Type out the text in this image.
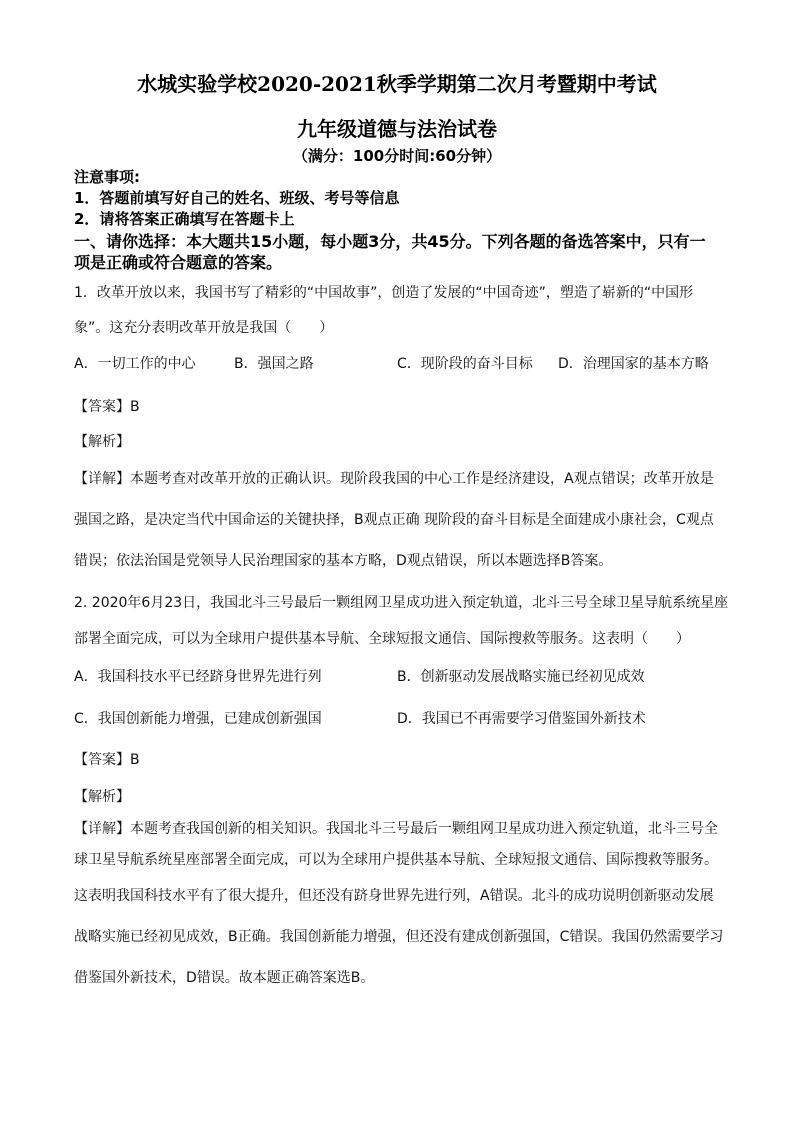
水城实验学校2020-2021秋季学期第二次月考暨期中考试
九年级道德与法治试卷
（满分：100分时间:60分钟）
注意事项:
1．答题前填写好自己的姓名、班级、考号等信息
2．请将答案正确填写在答题卡上
一、请你选择：本大题共15小题，每小题3分，共45分。下列各题的备选答案中，只有一
项是正确或符合题意的答案。
1．改革开放以来，我国书写了精彩的“中国故事”，创造了发展的“中国奇迹”，塑造了崭新的“中国形
象”。这充分表明改革开放是我国（　　）
A．一切工作的中心	B．强国之路	C．现阶段的奋斗目标 D．治理国家的基本方略
【答案】B
【解析】
【详解】本题考查对改革开放的正确认识。现阶段我国的中心工作是经济建设，A观点错误；改革开放是
强国之路，是决定当代中国命运的关键抉择，B观点正确 现阶段的奋斗目标是全面建成小康社会，C观点
错误；依法治国是党领导人民治理国家的基本方略，D观点错误，所以本题选择B答案。
2. 2020年6月23日，我国北斗三号最后一颗组网卫星成功进入预定轨道，北斗三号全球卫星导航系统星座
部署全面完成，可以为全球用户提供基本导航、全球短报文通信、国际搜救等服务。这表明（　　）
A．我国科技水平已经跻身世界先进行列	B．创新驱动发展战略实施已经初见成效
C．我国创新能力增强，已建成创新强国	D．我国已不再需要学习借鉴国外新技术
【答案】B
【解析】
【详解】本题考查我国创新的相关知识。我国北斗三号最后一颗组网卫星成功进入预定轨道，北斗三号全
球卫星导航系统星座部署全面完成，可以为全球用户提供基本导航、全球短报文通信、国际搜救等服务。
这表明我国科技水平有了很大提升，但还没有跻身世界先进行列，A错误。北斗的成功说明创新驱动发展
战略实施已经初见成效，B正确。我国创新能力增强，但还没有建成创新强国，C错误。我国仍然需要学习
借鉴国外新技术，D错误。故本题正确答案选B。
